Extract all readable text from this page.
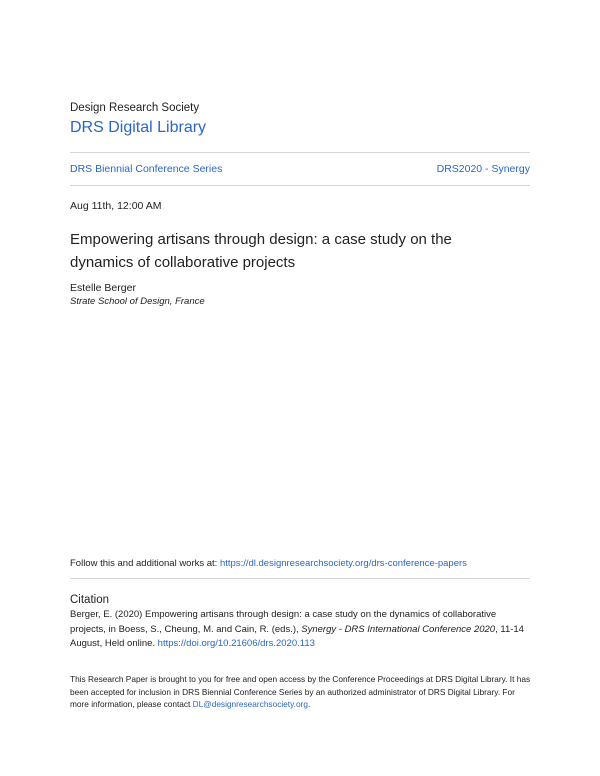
Design Research Society
DRS Digital Library
DRS Biennial Conference Series	DRS2020 - Synergy
Aug 11th, 12:00 AM
Empowering artisans through design: a case study on the dynamics of collaborative projects
Estelle Berger
Strate School of Design, France
Follow this and additional works at: https://dl.designresearchsociety.org/drs-conference-papers
Citation
Berger, E. (2020) Empowering artisans through design: a case study on the dynamics of collaborative projects, in Boess, S., Cheung, M. and Cain, R. (eds.), Synergy - DRS International Conference 2020, 11-14 August, Held online. https://doi.org/10.21606/drs.2020.113
This Research Paper is brought to you for free and open access by the Conference Proceedings at DRS Digital Library. It has been accepted for inclusion in DRS Biennial Conference Series by an authorized administrator of DRS Digital Library. For more information, please contact DL@designresearchsociety.org.
